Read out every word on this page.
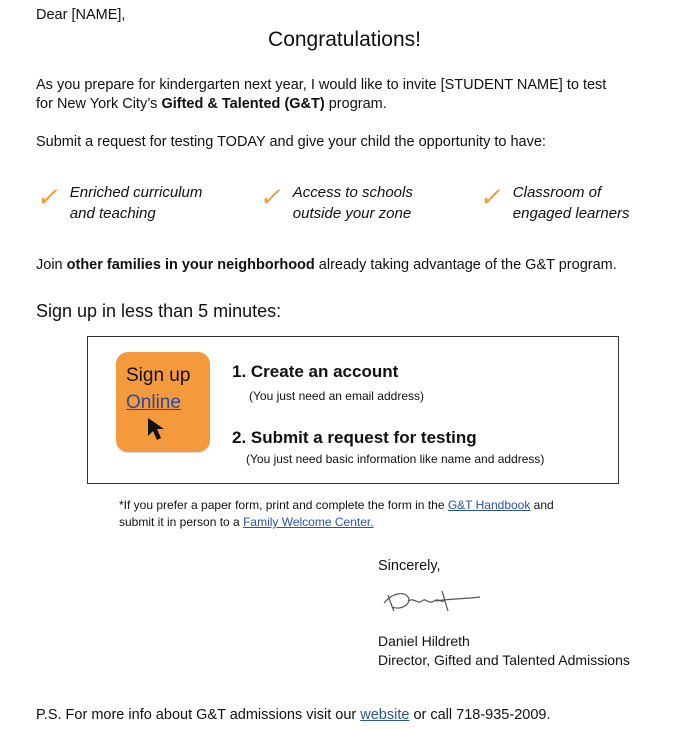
Dear [NAME],
Congratulations!
As you prepare for kindergarten next year, I would like to invite [STUDENT NAME] to test
for New York City’s Gifted & Talented (G&T) program.
Submit a request for testing TODAY and give your child the opportunity to have:
✓ Enriched curriculum
and teaching
✓ Access to schools
outside your zone
✓ Classroom of
engaged learners
Join other families in your neighborhood already taking advantage of the G&T program.
Sign up in less than 5 minutes:
Sign up
Online
1. Create an account
(You just need an email address)
2. Submit a request for testing
(You just need basic information like name and address)
*If you prefer a paper form, print and complete the form in the G&T Handbook and
submit it in person to a Family Welcome Center.
Sincerely,
Daniel Hildreth
Director, Gifted and Talented Admissions
P.S. For more info about G&T admissions visit our website or call 718-935-2009.
